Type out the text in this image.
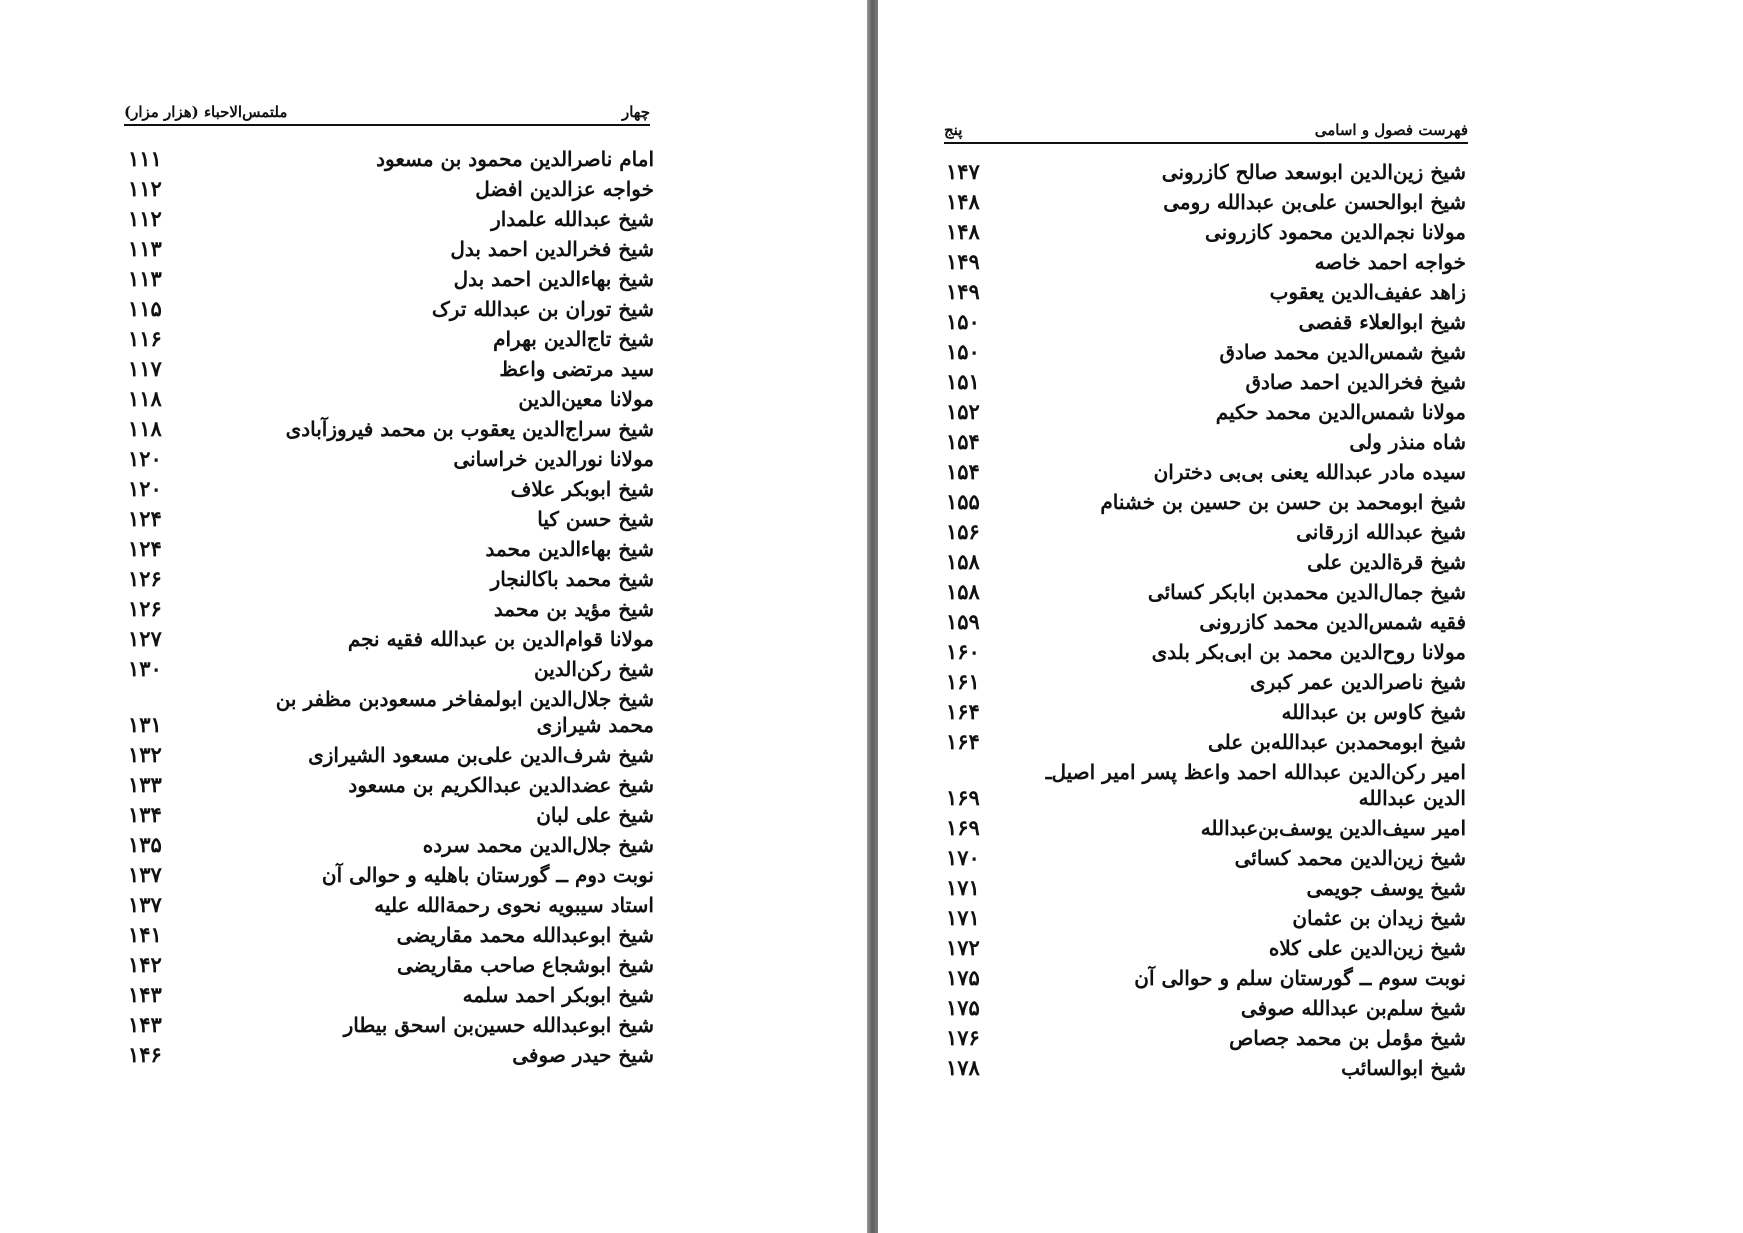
چهار
ملتمس‌الاحباء (هزار مزار)
امام ناصرالدین محمود بن مسعود
۱۱۱
خواجه عزالدین افضل
۱۱۲
شیخ عبدالله علمدار
۱۱۲
شیخ فخرالدین احمد بدل
۱۱۳
شیخ بهاءالدین احمد بدل
۱۱۳
شیخ توران بن عبدالله ترک
۱۱۵
شیخ تاج‌الدین بهرام
۱۱۶
سید مرتضی واعظ
۱۱۷
مولانا معین‌الدین
۱۱۸
شیخ سراج‌الدین یعقوب بن محمد فیروزآبادی
۱۱۸
مولانا نورالدین خراسانی
۱۲۰
شیخ ابوبکر علاف
۱۲۰
شیخ حسن کیا
۱۲۴
شیخ بهاءالدین محمد
۱۲۴
شیخ محمد باکالنجار
۱۲۶
شیخ مؤید بن محمد
۱۲۶
مولانا قوام‌الدین بن عبدالله فقیه نجم
۱۲۷
شیخ رکن‌الدین
۱۳۰
شیخ جلال‌الدین ابولمفاخر مسعودبن مظفر بن محمد شیرازی
۱۳۱
شیخ شرف‌الدین علی‌بن مسعود الشیرازی
۱۳۲
شیخ عضدالدین عبدالکریم بن مسعود
۱۳۳
شیخ علی لبان
۱۳۴
شیخ جلال‌الدین محمد سرده
۱۳۵
نوبت دوم ــ گورستان باهلیه و حوالی آن
۱۳۷
استاد سیبویه نحوی رحمةالله علیه
۱۳۷
شیخ ابوعبدالله محمد مقاریضی
۱۴۱
شیخ ابوشجاع صاحب مقاریضی
۱۴۲
شیخ ابوبکر احمد سلمه
۱۴۳
شیخ ابوعبدالله حسین‌بن اسحق بیطار
۱۴۳
شیخ حیدر صوفی
۱۴۶
فهرست فصول و اسامی
پنج
شیخ زین‌الدین ابوسعد صالح کازرونی
۱۴۷
شیخ ابوالحسن علی‌بن عبدالله رومی
۱۴۸
مولانا نجم‌الدین محمود کازرونی
۱۴۸
خواجه احمد خاصه
۱۴۹
زاهد عفیف‌الدین یعقوب
۱۴۹
شیخ ابوالعلاء قفصی
۱۵۰
شیخ شمس‌الدین محمد صادق
۱۵۰
شیخ فخرالدین احمد صادق
۱۵۱
مولانا شمس‌الدین محمد حکیم
۱۵۲
شاه منذر ولی
۱۵۴
سیده مادر عبدالله یعنی بی‌بی دختران
۱۵۴
شیخ ابومحمد بن حسن بن حسین بن خشنام
۱۵۵
شیخ عبدالله ازرقانی
۱۵۶
شیخ قرةالدین علی
۱۵۸
شیخ جمال‌الدین محمدبن ابابکر کسائی
۱۵۸
فقیه شمس‌الدین محمد کازرونی
۱۵۹
مولانا روح‌الدین محمد بن ابی‌بکر بلدی
۱۶۰
شیخ ناصرالدین عمر کبری
۱۶۱
شیخ کاوس بن عبدالله
۱۶۴
شیخ ابومحمدبن عبدالله‌بن علی
۱۶۴
امیر رکن‌الدین عبدالله احمد واعظ پسر امیر اصیل‌ـ الدین عبدالله
۱۶۹
امیر سیف‌الدین یوسف‌بن‌عبدالله
۱۶۹
شیخ زین‌الدین محمد کسائی
۱۷۰
شیخ یوسف جویمی
۱۷۱
شیخ زیدان بن عثمان
۱۷۱
شیخ زین‌الدین علی کلاه
۱۷۲
نوبت سوم ــ گورستان سلم و حوالی آن
۱۷۵
شیخ سلم‌بن عبدالله صوفی
۱۷۵
شیخ مؤمل بن محمد جصاص
۱۷۶
شیخ ابوالسائب
۱۷۸
